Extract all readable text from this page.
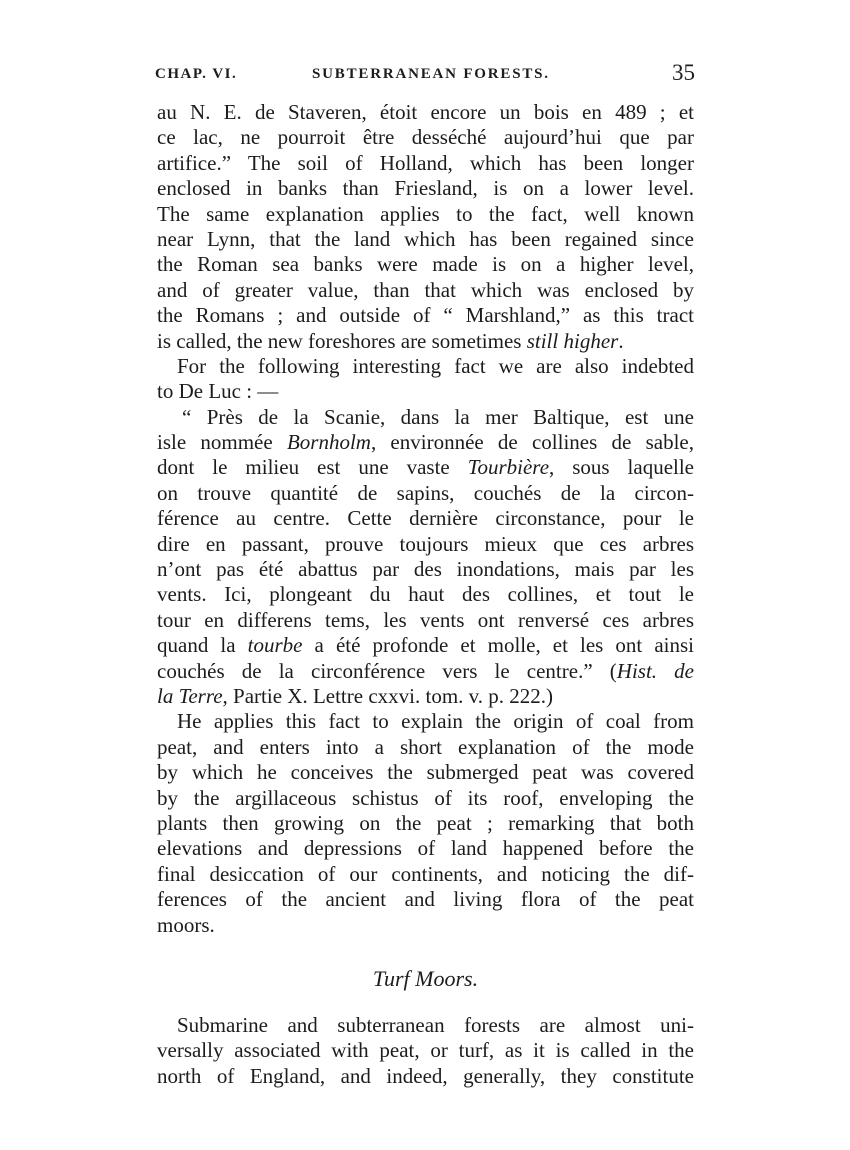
CHAP. VI.	SUBTERRANEAN FORESTS.	35
au N. E. de Staveren, étoit encore un bois en 489 ; et
ce lac, ne pourroit être desséché aujourd’hui que par
artifice.” The soil of Holland, which has been longer
enclosed in banks than Friesland, is on a lower level.
The same explanation applies to the fact, well known
near Lynn, that the land which has been regained since
the Roman sea banks were made is on a higher level,
and of greater value, than that which was enclosed by
the Romans ; and outside of “ Marshland,” as this tract
is called, the new foreshores are sometimes still higher.
For the following interesting fact we are also indebted
to De Luc : —
“ Près de la Scanie, dans la mer Baltique, est une
isle nommée Bornholm, environnée de collines de sable,
dont le milieu est une vaste Tourbière, sous laquelle
on trouve quantité de sapins, couchés de la circon-
férence au centre. Cette dernière circonstance, pour le
dire en passant, prouve toujours mieux que ces arbres
n’ont pas été abattus par des inondations, mais par les
vents. Ici, plongeant du haut des collines, et tout le
tour en differens tems, les vents ont renversé ces arbres
quand la tourbe a été profonde et molle, et les ont ainsi
couchés de la circonférence vers le centre.” (Hist. de
la Terre, Partie X. Lettre cxxvi. tom. v. p. 222.)
He applies this fact to explain the origin of coal from
peat, and enters into a short explanation of the mode
by which he conceives the submerged peat was covered
by the argillaceous schistus of its roof, enveloping the
plants then growing on the peat ; remarking that both
elevations and depressions of land happened before the
final desiccation of our continents, and noticing the dif-
ferences of the ancient and living flora of the peat
moors.
Turf Moors.
Submarine and subterranean forests are almost uni-
versally associated with peat, or turf, as it is called in the
north of England, and indeed, generally, they constitute
